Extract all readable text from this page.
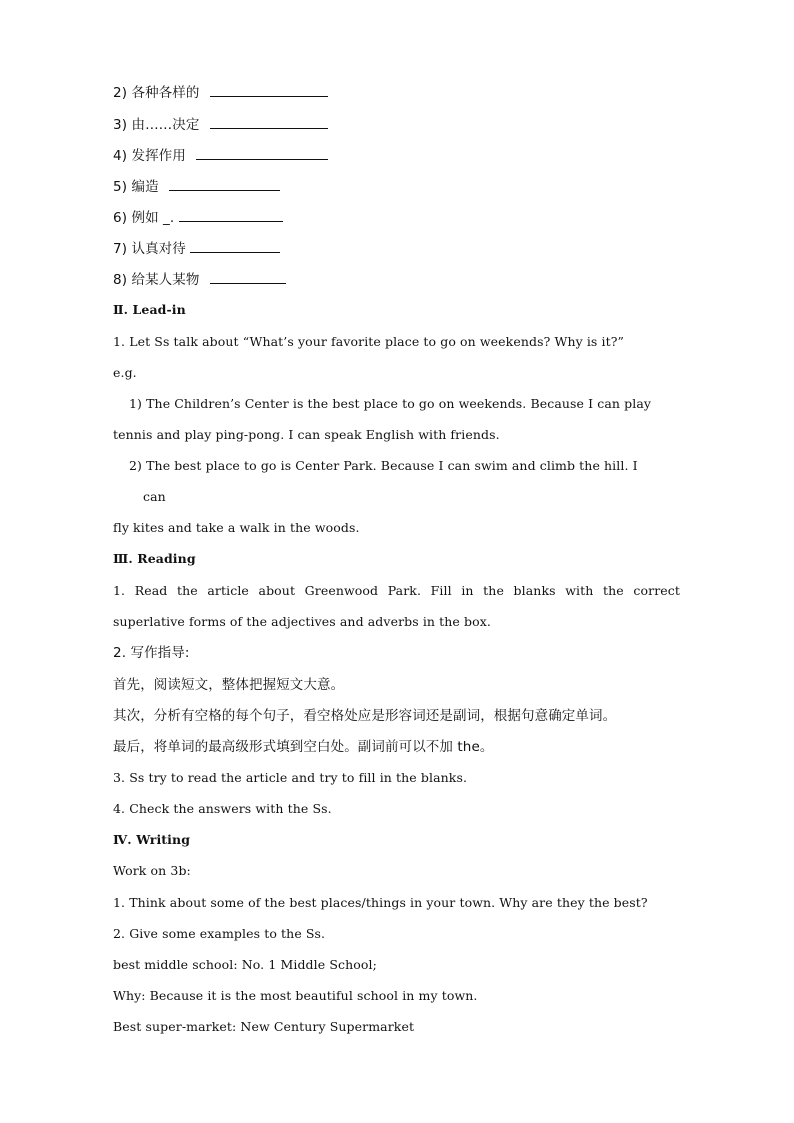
2) 各种各样的
3) 由……决定
4) 发挥作用
5) 编造
6) 例如 _.
7) 认真对待
8) 给某人某物
Ⅱ. Lead-in
1. Let Ss talk about “What’s your favorite place to go on weekends? Why is it?”
e.g.
1) The Children’s Center is the best place to go on weekends. Because I can play
tennis and play ping-pong. I can speak English with friends.
2) The best place to go is Center Park. Because I can swim and climb the hill. I
can
fly kites and take a walk in the woods.
Ⅲ. Reading
1. Read the article about Greenwood Park. Fill in the blanks with the correct
superlative forms of the adjectives and adverbs in the box.
2. 写作指导:
首先，阅读短文，整体把握短文大意。
其次，分析有空格的每个句子，看空格处应是形容词还是副词，根据句意确定单词。
最后，将单词的最高级形式填到空白处。副词前可以不加 the。
3. Ss try to read the article and try to fill in the blanks.
4. Check the answers with the Ss.
Ⅳ. Writing
Work on 3b:
1. Think about some of the best places/things in your town. Why are they the best?
2. Give some examples to the Ss.
best middle school: No. 1 Middle School;
Why: Because it is the most beautiful school in my town.
Best super-market: New Century Supermarket
